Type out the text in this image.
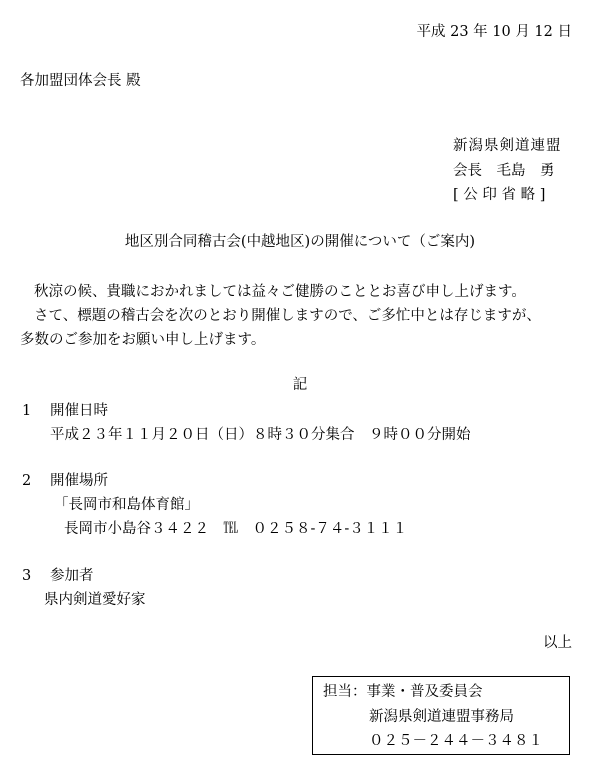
平成 23 年 10 月 12 日
各加盟団体会長 殿
新潟県剣道連盟
会長　毛島　勇
[ 公 印 省 略 ]
地区別合同稽古会(中越地区)の開催について（ご案内)
秋涼の候、貴職におかれましては益々ご健勝のこととお喜び申し上げます。
さて、標題の稽古会を次のとおり開催しますので、ご多忙中とは存じますが、
多数のご参加をお願い申し上げます。
記
1 開催日時
平成２３年１１月２０日（日）８時３０分集合　９時００分開始
2 開催場所
「長岡市和島体育館」
長岡市小島谷３４２２　℡　０２５８-７４-３１１１
3 参加者
県内剣道愛好家
以上
担当：事業・普及委員会
新潟県剣道連盟事務局
０２５－２４４－３４８１
